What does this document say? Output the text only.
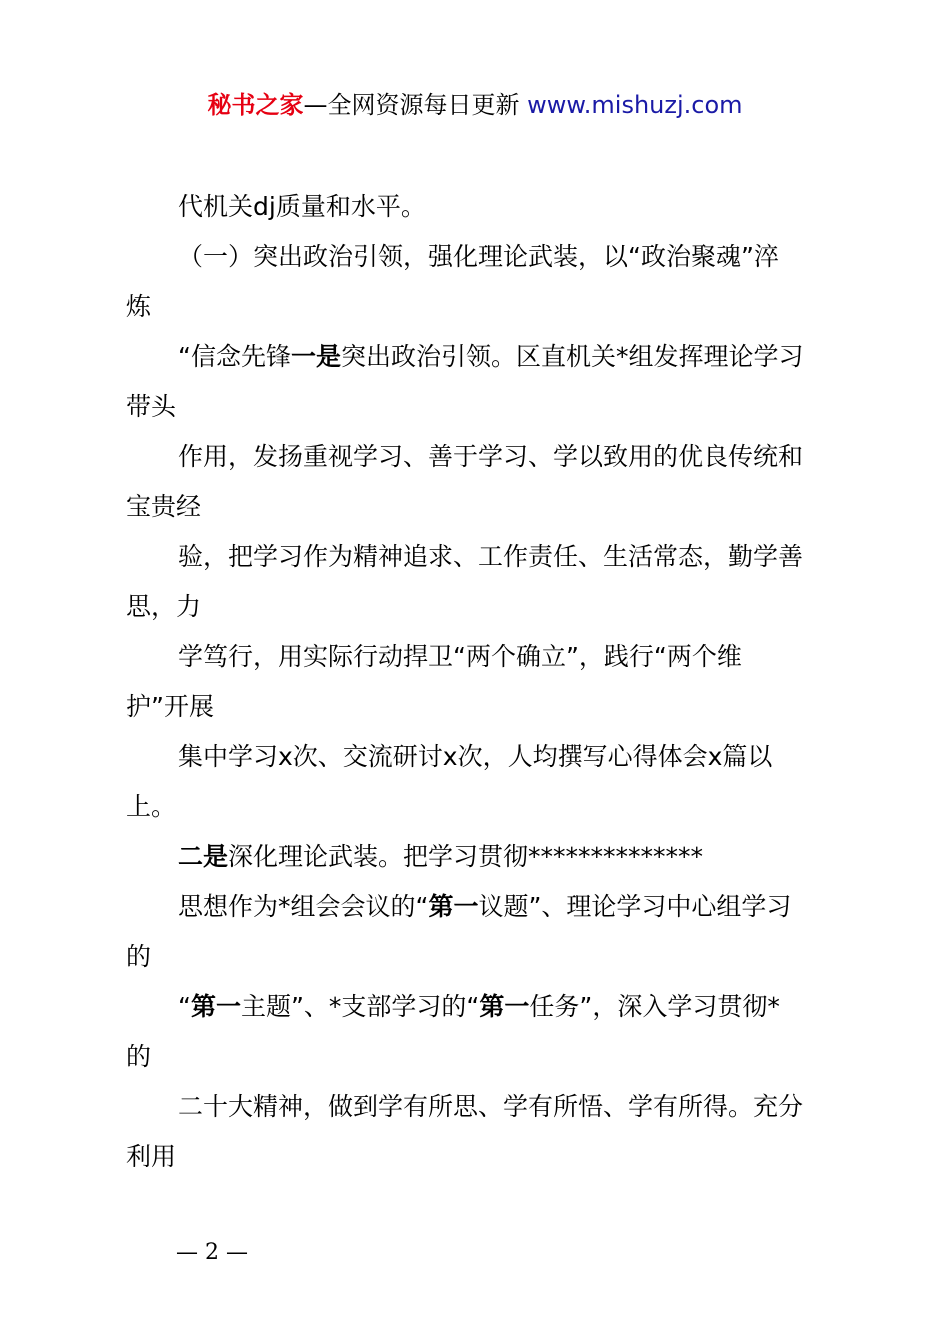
秘书之家—全网资源每日更新 www.mishuzj.com
代机关dj质量和水平。
（一）突出政治引领，强化理论武装，以“政治聚魂”淬
炼
“信念先锋一是突出政治引领。区直机关*组发挥理论学习
带头
作用，发扬重视学习、善于学习、学以致用的优良传统和
宝贵经
验，把学习作为精神追求、工作责任、生活常态，勤学善
思，力
学笃行，用实际行动捍卫“两个确立”，践行“两个维
护”开展
集中学习x次、交流研讨x次，人均撰写心得体会x篇以
上。
二是深化理论武装。把学习贯彻**************
思想作为*组会会议的“第一议题”、理论学习中心组学习
的
“第一主题”、*支部学习的“第一任务”，深入学习贯彻*
的
二十大精神，做到学有所思、学有所悟、学有所得。充分
利用
— 2 —
